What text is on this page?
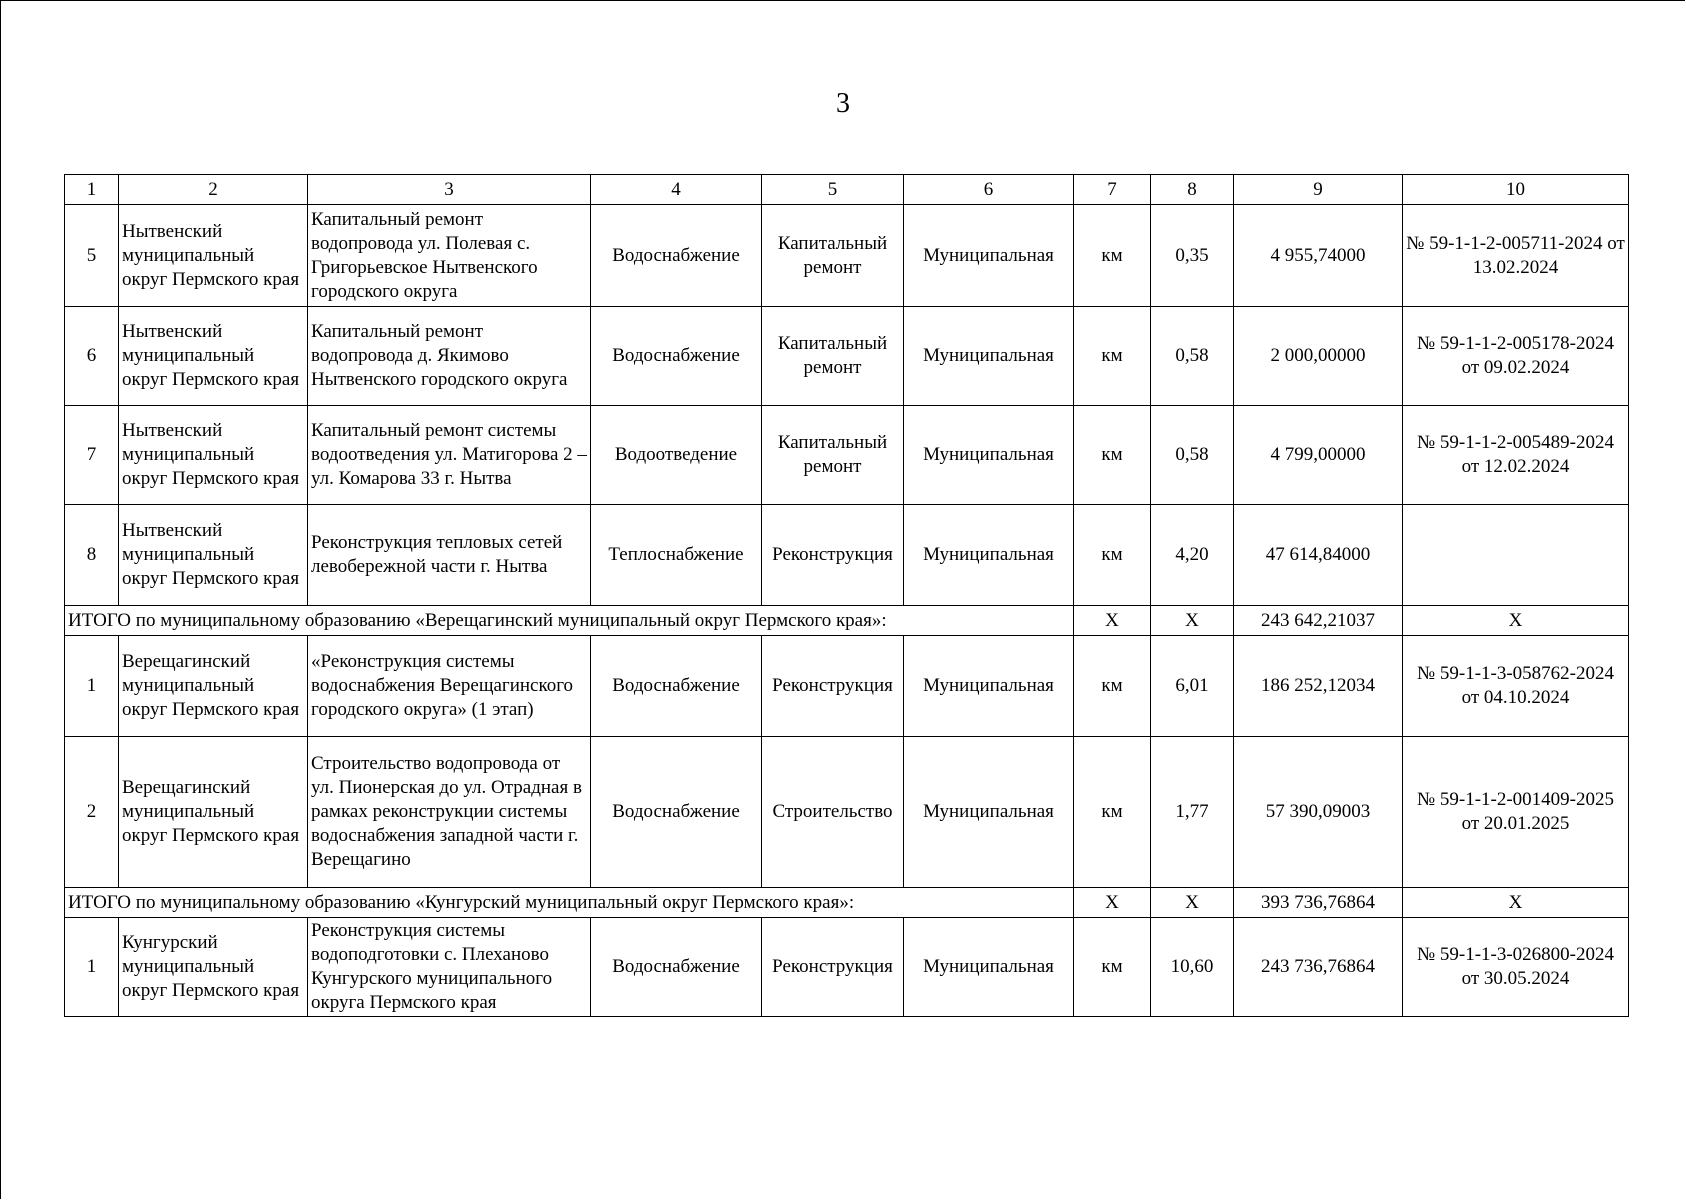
3
1	2	3	4	5	6	7	8	9	10
5	Нытвенский муниципальный округ Пермского края	Капитальный ремонт водопровода ул. Полевая с. Григорьевское Нытвенского городского округа	Водоснабжение	Капитальный ремонт	Муниципальная	км	0,35	4 955,74000	№ 59-1-1-2-005711-2024 от 13.02.2024
6	Нытвенский муниципальный округ Пермского края	Капитальный ремонт водопровода д. Якимово Нытвенского городского округа	Водоснабжение	Капитальный ремонт	Муниципальная	км	0,58	2 000,00000	№ 59-1-1-2-005178-2024 от 09.02.2024
7	Нытвенский муниципальный округ Пермского края	Капитальный ремонт системы водоотведения ул. Матигорова 2 – ул. Комарова 33 г. Нытва	Водоотведение	Капитальный ремонт	Муниципальная	км	0,58	4 799,00000	№ 59-1-1-2-005489-2024 от 12.02.2024
8	Нытвенский муниципальный округ Пермского края	Реконструкция тепловых сетей левобережной части г. Нытва	Теплоснабжение	Реконструкция	Муниципальная	км	4,20	47 614,84000	
ИТОГО по муниципальному образованию «Верещагинский муниципальный округ Пермского края»:						X	X	243 642,21037	X
1	Верещагинский муниципальный округ Пермского края	«Реконструкция системы водоснабжения Верещагинского городского округа» (1 этап)	Водоснабжение	Реконструкция	Муниципальная	км	6,01	186 252,12034	№ 59-1-1-3-058762-2024 от 04.10.2024
2	Верещагинский муниципальный округ Пермского края	Строительство водопровода от ул. Пионерская до ул. Отрадная в рамках реконструкции системы водоснабжения западной части г. Верещагино	Водоснабжение	Строительство	Муниципальная	км	1,77	57 390,09003	№ 59-1-1-2-001409-2025 от 20.01.2025
ИТОГО по муниципальному образованию «Кунгурский муниципальный округ Пермского края»:						X	X	393 736,76864	X
1	Кунгурский муниципальный округ Пермского края	Реконструкция системы водоподготовки с. Плеханово Кунгурского муниципального округа Пермского края	Водоснабжение	Реконструкция	Муниципальная	км	10,60	243 736,76864	№ 59-1-1-3-026800-2024 от 30.05.2024
